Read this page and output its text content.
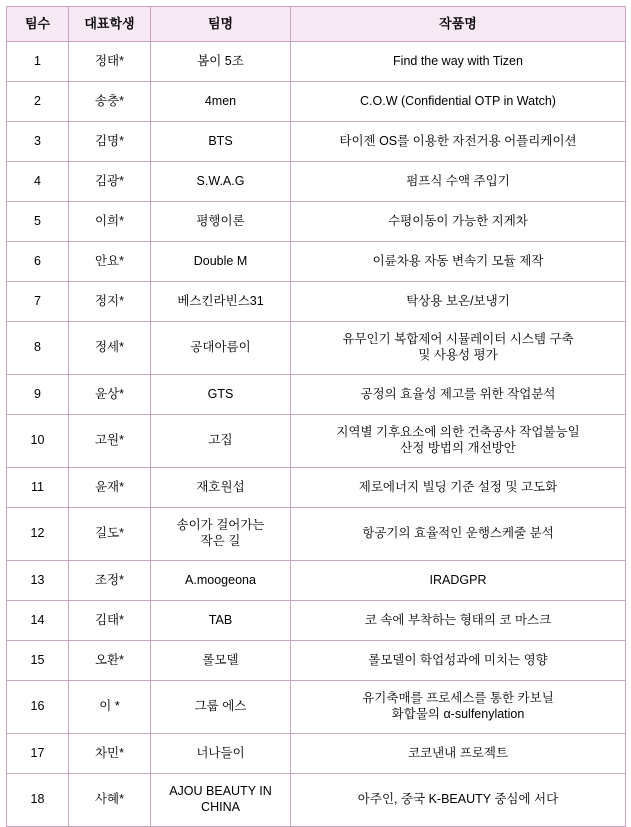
팀수	대표학생	팀명	작품명

1	정태*	봄이 5조	Find the way with Tizen

2	송충*	4men	C.O.W (Confidential OTP in Watch)

3	김명*	BTS	타이젠 OS를 이용한 자전거용 어플리케이션

4	김광*	S.W.A.G	펌프식 수액 주입기

5	이희*	평행이론	수평이동이 가능한 지게차

6	안요*	Double M	이륜차용 자동 변속기 모듈 제작

7	정지*	베스킨라빈스31	탁상용 보온/보냉기

8	정세*	공대아름이	유무인기 복합제어 시뮬레이터 시스템 구축
및 사용성 평가

9	윤상*	GTS	공정의 효율성 제고를 위한 작업분석

10	고원*	고집	지역별 기후요소에 의한 건축공사 작업불능일
산정 방법의 개선방안

11	윤재*	재호원섭	제로에너지 빌딩 기준 설정 및 고도화

12	길도*	송이가 걸어가는
작은 길	항공기의 효율적인 운행스케줄 분석

13	조정*	A.moogeona	IRADGPR

14	김태*	TAB	코 속에 부착하는 형태의 코 마스크

15	오환*	롤모델	롤모델이 학업성과에 미치는 영향

16	이 *	그룹 에스	유기축매를 프로세스를 통한 카보닐
화합물의 α-sulfenylation

17	차민*	너나들이	코코낸내 프로젝트

18	사혜*	AJOU BEAUTY IN
CHINA	아주인, 중국 K-BEAUTY 중심에 서다
